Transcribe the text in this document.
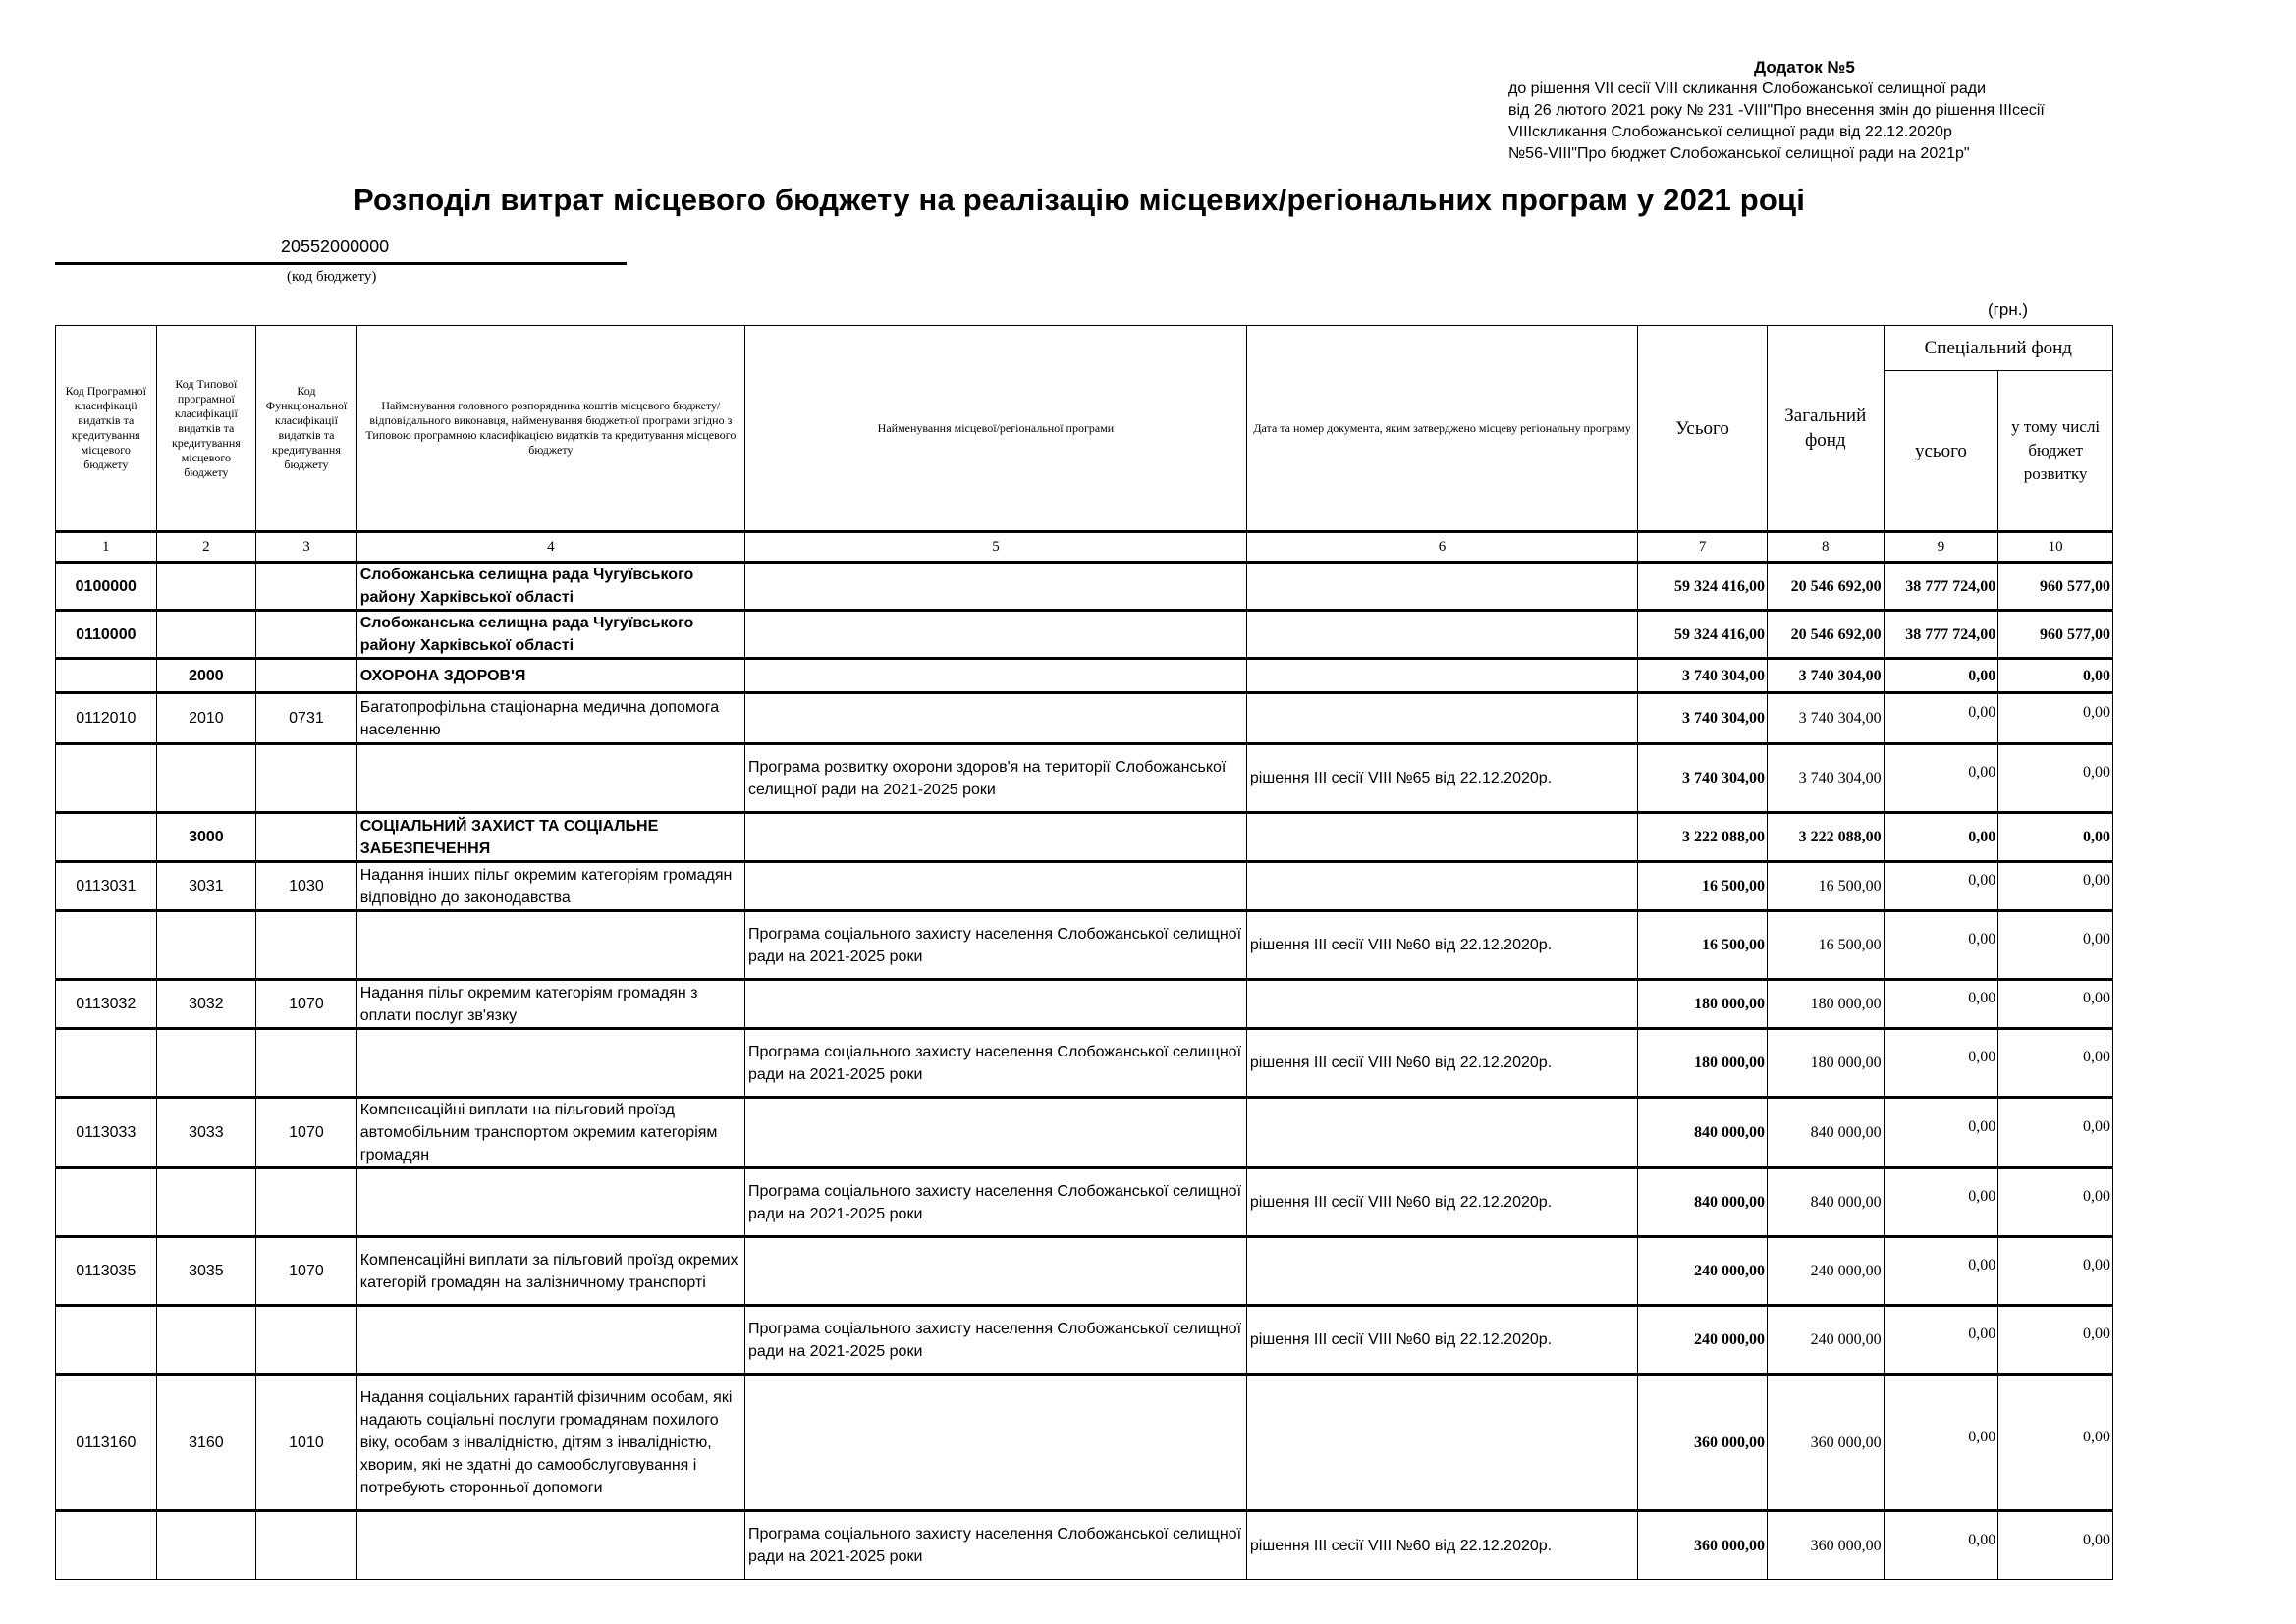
Додаток №5
до рішення VII сесії VIII скликання Слобожанської селищної ради
від 26 лютого 2021 року № 231 -VIII"Про внесення змін до рішення IIIсесії
VIIIскликання Слобожанської селищної ради від 22.12.2020р
№56-VIII"Про бюджет Слобожанської селищної ради на 2021р"
Розподіл витрат місцевого бюджету на реалізацію місцевих/регіональних програм у 2021 році
20552000000
(код бюджету)
(грн.)
Код Програмної класифікації видатків та кредитування місцевого бюджету	Код Типової програмної класифікації видатків та кредитування місцевого бюджету	Код Функціональної класифікації видатків та кредитування бюджету	Найменування головного розпорядника коштів місцевого бюджету/ відповідального виконавця, найменування бюджетної програми згідно з Типовою програмною класифікацією видатків та кредитування місцевого бюджету	Найменування місцевої/регіональної програми	Дата та номер документа, яким затверджено місцеву регіональну програму	Усього	Загальний фонд	Спеціальний фонд	
								усього	у тому числі бюджет розвитку
1	2	3	4	5	6	7	8	9	10
0100000			Слобожанська селищна рада Чугуївського району Харківської області			59 324 416,00	20 546 692,00	38 777 724,00	960 577,00
0110000			Слобожанська селищна рада Чугуївського району Харківської області			59 324 416,00	20 546 692,00	38 777 724,00	960 577,00
	2000		ОХОРОНА ЗДОРОВ'Я			3 740 304,00	3 740 304,00	0,00	0,00
0112010	2010	0731	Багатопрофільна стаціонарна медична допомога населенню			3 740 304,00	3 740 304,00	0,00	0,00
				Програма розвитку охорони здоров'я на території Слобожанської селищної ради на 2021-2025 роки	рішення III сесії VIII №65 від 22.12.2020р.	3 740 304,00	3 740 304,00	0,00	0,00
	3000		СОЦІАЛЬНИЙ ЗАХИСТ ТА СОЦІАЛЬНЕ ЗАБЕЗПЕЧЕННЯ			3 222 088,00	3 222 088,00	0,00	0,00
0113031	3031	1030	Надання інших пільг окремим категоріям громадян відповідно до законодавства			16 500,00	16 500,00	0,00	0,00
				Програма соціального захисту населення Слобожанської селищної ради на 2021-2025 роки	рішення III сесії VIII №60 від 22.12.2020р.	16 500,00	16 500,00	0,00	0,00
0113032	3032	1070	Надання пільг окремим категоріям громадян з оплати послуг зв'язку			180 000,00	180 000,00	0,00	0,00
				Програма соціального захисту населення Слобожанської селищної ради на 2021-2025 роки	рішення III сесії VIII №60 від 22.12.2020р.	180 000,00	180 000,00	0,00	0,00
0113033	3033	1070	Компенсаційні виплати на пільговий проїзд автомобільним транспортом окремим категоріям громадян			840 000,00	840 000,00	0,00	0,00
				Програма соціального захисту населення Слобожанської селищної ради на 2021-2025 роки	рішення III сесії VIII №60 від 22.12.2020р.	840 000,00	840 000,00	0,00	0,00
0113035	3035	1070	Компенсаційні виплати за пільговий проїзд окремих категорій громадян на залізничному транспорті			240 000,00	240 000,00	0,00	0,00
				Програма соціального захисту населення Слобожанської селищної ради на 2021-2025 роки	рішення III сесії VIII №60 від 22.12.2020р.	240 000,00	240 000,00	0,00	0,00
0113160	3160	1010	Надання соціальних гарантій фізичним особам, які надають соціальні послуги громадянам похилого віку, особам з інвалідністю, дітям з інвалідністю, хворим, які не здатні до самообслуговування і потребують сторонньої допомоги			360 000,00	360 000,00	0,00	0,00
				Програма соціального захисту населення Слобожанської селищної ради на 2021-2025 роки	рішення III сесії VIII №60 від 22.12.2020р.	360 000,00	360 000,00	0,00	0,00
